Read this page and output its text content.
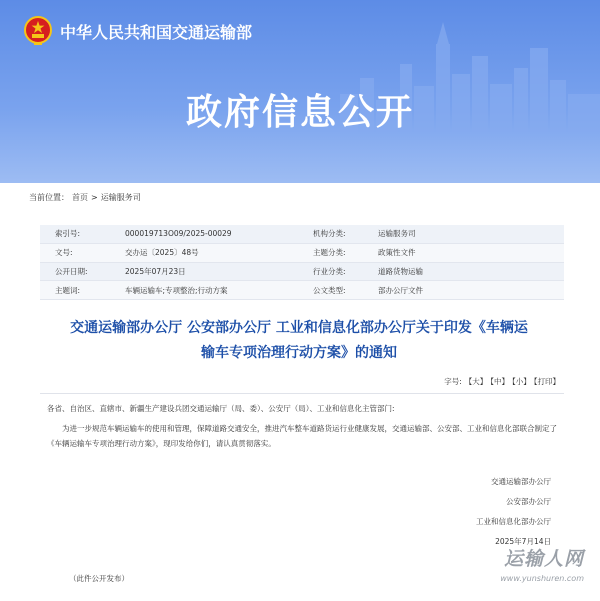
中华人民共和国交通运输部
政府信息公开
当前位置： 首页 > 运输服务司
索引号:	000019713O09/2025-00029	机构分类:	运输服务司
文号:	交办运〔2025〕48号	主题分类:	政策性文件
公开日期:	2025年07月23日	行业分类:	道路货物运输
主题词:	车辆运输车;专项整治;行动方案	公文类型:	部办公厅文件
交通运输部办公厅 公安部办公厅 工业和信息化部办公厅关于印发《车辆运
输车专项治理行动方案》的通知
字号: 【大】 【中】 【小】 【打印】
各省、自治区、直辖市、新疆生产建设兵团交通运输厅（局、委）、公安厅（局）、工业和信息化主管部门:
为进一步规范车辆运输车的使用和管理，保障道路交通安全，推进汽车整车道路货运行业健康发展，交通运输部、公安部、工业和信息化部联合制定了《车辆运输车专项治理行动方案》，现印发给你们，请认真贯彻落实。
交通运输部办公厅
公安部办公厅
工业和信息化部办公厅
2025年7月14日
（此件公开发布）
运输人网
www.yunshuren.com
